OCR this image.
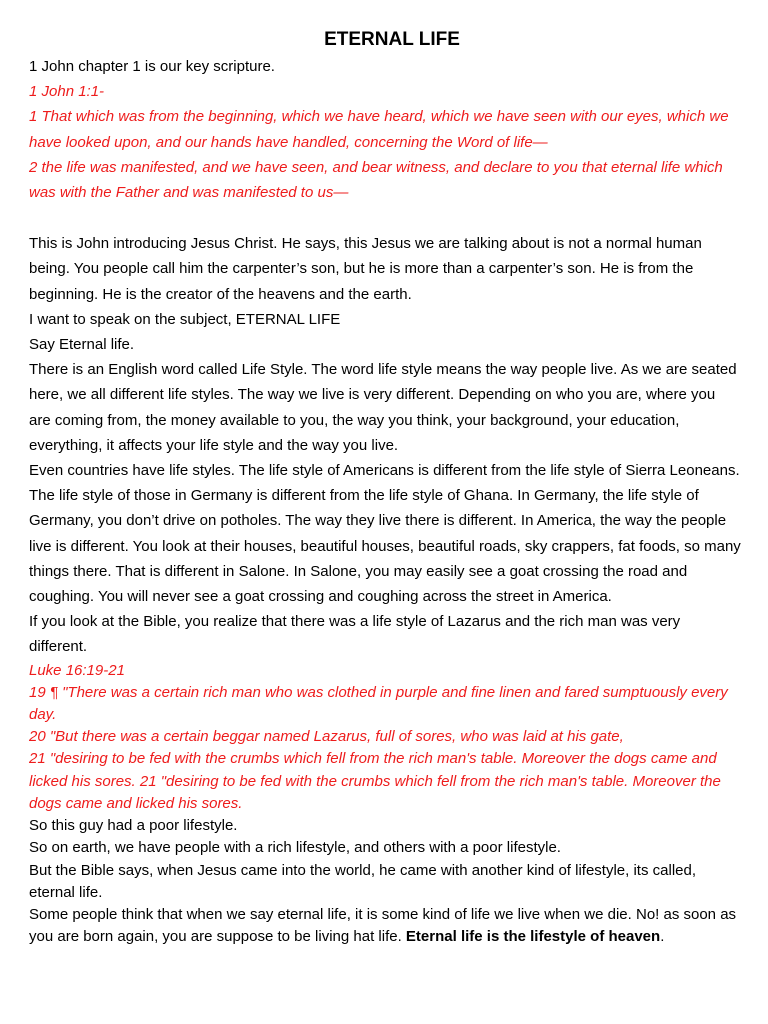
ETERNAL LIFE

1 John chapter 1 is our key scripture.

1 John 1:1-

1 That which was from the beginning, which we have heard, which we have seen with our eyes, which we have looked upon, and our hands have handled, concerning the Word of life—

2 the life was manifested, and we have seen, and bear witness, and declare to you that eternal life which was with the Father and was manifested to us—

This is John introducing Jesus Christ. He says, this Jesus we are talking about is not a normal human being. You people call him the carpenter’s son, but he is more than a carpenter’s son. He is from the beginning. He is the creator of the heavens and the earth.

I want to speak on the subject, ETERNAL LIFE

Say Eternal life.

There is an English word called Life Style. The word life style means the way people live. As we are seated here, we all different life styles. The way we live is very different. Depending on who you are, where you are coming from, the money available to you, the way you think, your background, your education, everything, it affects your life style and the way you live.

Even countries have life styles. The life style of Americans is different from the life style of Sierra Leoneans. The life style of those in Germany is different from the life style of Ghana. In Germany, the life style of Germany, you don’t drive on potholes. The way they live there is different. In America, the way the people live is different. You look at their houses, beautiful houses, beautiful roads, sky crappers, fat foods, so many things there. That is different in Salone. In Salone, you may easily see a goat crossing the road and coughing. You will never see a goat crossing and coughing across the street in America.

If you look at the Bible, you realize that there was a life style of Lazarus and the rich man was very different.

Luke 16:19-21

19 ¶ "There was a certain rich man who was clothed in purple and fine linen and fared sumptuously every day.

20 "But there was a certain beggar named Lazarus, full of sores, who was laid at his gate,

21 "desiring to be fed with the crumbs which fell from the rich man's table. Moreover the dogs came and licked his sores. 21 "desiring to be fed with the crumbs which fell from the rich man's table. Moreover the dogs came and licked his sores.

So this guy had a poor lifestyle.

So on earth, we have people with a rich lifestyle, and others with a poor lifestyle.

But the Bible says, when Jesus came into the world, he came with another kind of lifestyle, its called, eternal life.

Some people think that when we say eternal life, it is some kind of life we live when we die. No! as soon as you are born again, you are suppose to be living hat life. Eternal life is the lifestyle of heaven.
